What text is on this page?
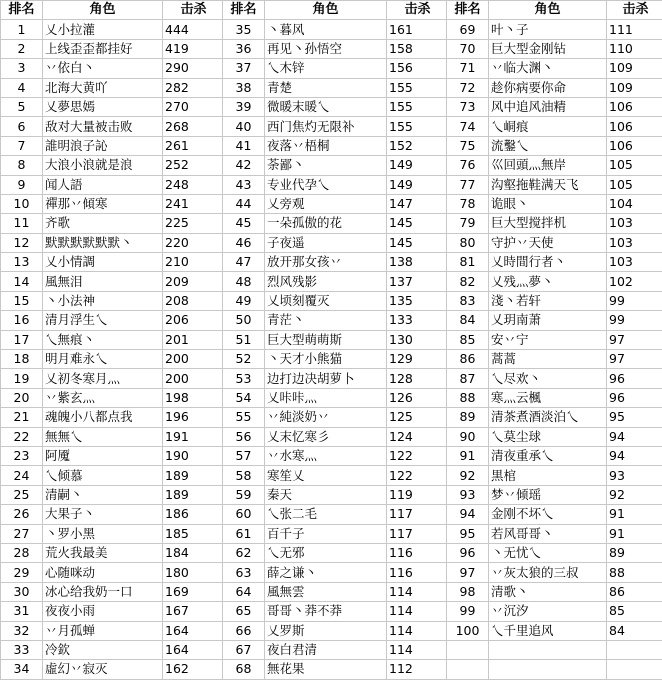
排名	角色	击杀	排名	角色	击杀	排名	角色	击杀
1	乂小拉灌	444	35	丶暮风	161	69	叶丶子	111
2	上线歪歪都挂好	419	36	再见丶孙悟空	158	70	巨大型金刚钻	110
3	丷依白丶	290	37	乀木锌	156	71	丷临大渊丶	109
4	北海大黄吖	282	38	青楚	155	72	趁你病要你命	109
5	乂夢思嫣	270	39	微暖末暖乀	155	73	风中追风油精	106
6	敌对大量被击败	268	40	西门焦灼无限补	155	74	乀峒痕	106
7	誰明浪子訫	261	41	夜落丷梧桐	152	75	流鑿乀	106
8	大浪小浪就是浪	252	42	荼鄙丶	149	76	巛回頭灬無岸	105
9	闻人語	248	43	专业代孕乀	149	77	沟壑拖鞋满天飞	105
10	禪那丷傾寒	241	44	乂旁观	147	78	诡眼丶	104
11	齐歌	225	45	一朵孤傲的花	145	79	巨大型搅拌机	103
12	默默默默默默丶	220	46	子夜遥	145	80	守护丷天使	103
13	乂小情調	210	47	放开那女孩丷	138	81	乂時間行者丶	103
14	風無泪	209	48	烈风残影	137	82	乂残灬夢丶	102
15	丶小法神	208	49	乂顷刻覆灭	135	83	淺丶若轩	99
16	清月浮生乀	206	50	青茫丶	133	84	乂玥南萧	99
17	乀無痕丶	201	51	巨大型萌萌斯	130	85	安丷宁	97
18	明月难永乀	200	52	丶天才小熊猫	129	86	蒿蒿	97
19	乂初冬寒月灬	200	53	边打边决胡萝卜	128	87	乀尽欢丶	96
20	丷紫玄灬	198	54	乂咔咔灬	126	88	寒灬云楓	96
21	魂魄小八都点我	196	55	丷純淡奶丷	125	89	清茶煮酒淡泊乀	95
22	無無乀	191	56	乂末忆寒彡	124	90	乀莫尘球	94
23	阿魇	190	57	丷水寒灬	122	91	清夜重承乀	94
24	乀倾慕	189	58	寒笙乂	122	92	黒棺	93
25	清嗣丶	189	59	秦天	119	93	梦丷倾瑶	92
26	大果子丶	186	60	乀张二毛	117	94	金刚不坏乀	91
27	丶罗小黑	185	61	百千子	117	95	若风哥哥丶	91
28	荒火我最美	184	62	乀无邪	116	96	丶无忧乀	89
29	心随咪动	180	63	薛之谦丶	116	97	丷灰太狼的三叔	88
30	冰心给我奶一口	169	64	風無雲	114	98	清歌丶	86
31	夜夜小雨	167	65	哥哥丶莽不莽	114	99	丷沉汐	85
32	丷月孤蝉	164	66	乂罗斯	114	100	乀千里追风	84
33	冷欽	164	67	夜白君清	114			
34	虛幻丷寂灭	162	68	無花果	112			
